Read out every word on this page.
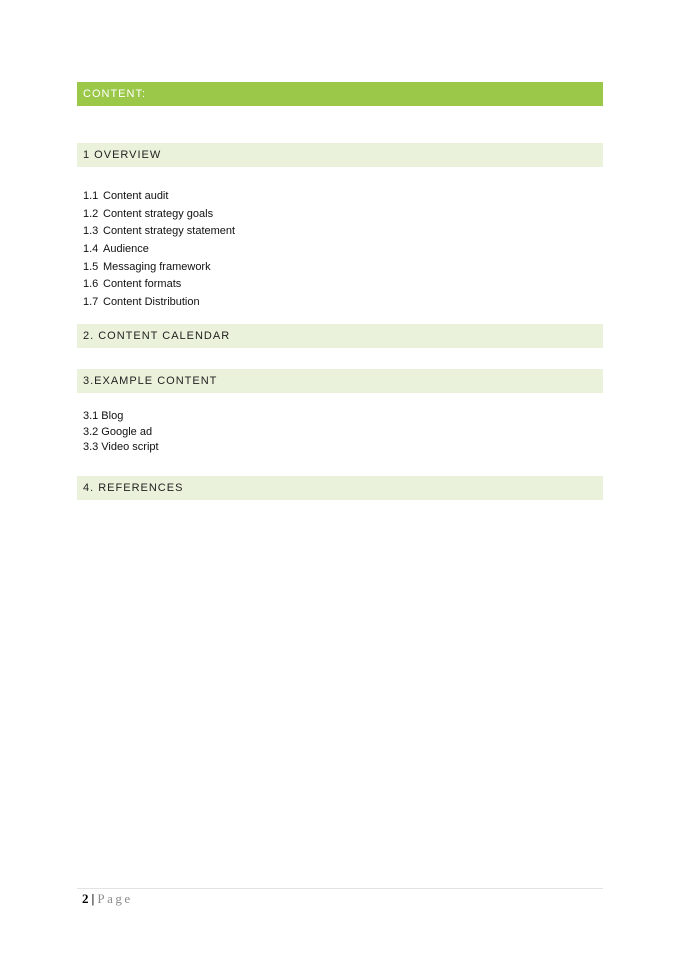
CONTENT:
1 OVERVIEW
1.1 Content audit
1.2 Content strategy goals
1.3 Content strategy statement
1.4 Audience
1.5 Messaging framework
1.6 Content formats
1.7 Content Distribution
2. CONTENT CALENDAR
3.EXAMPLE CONTENT
3.1 Blog
3.2 Google ad
3.3 Video script
4. REFERENCES
2 | Page
